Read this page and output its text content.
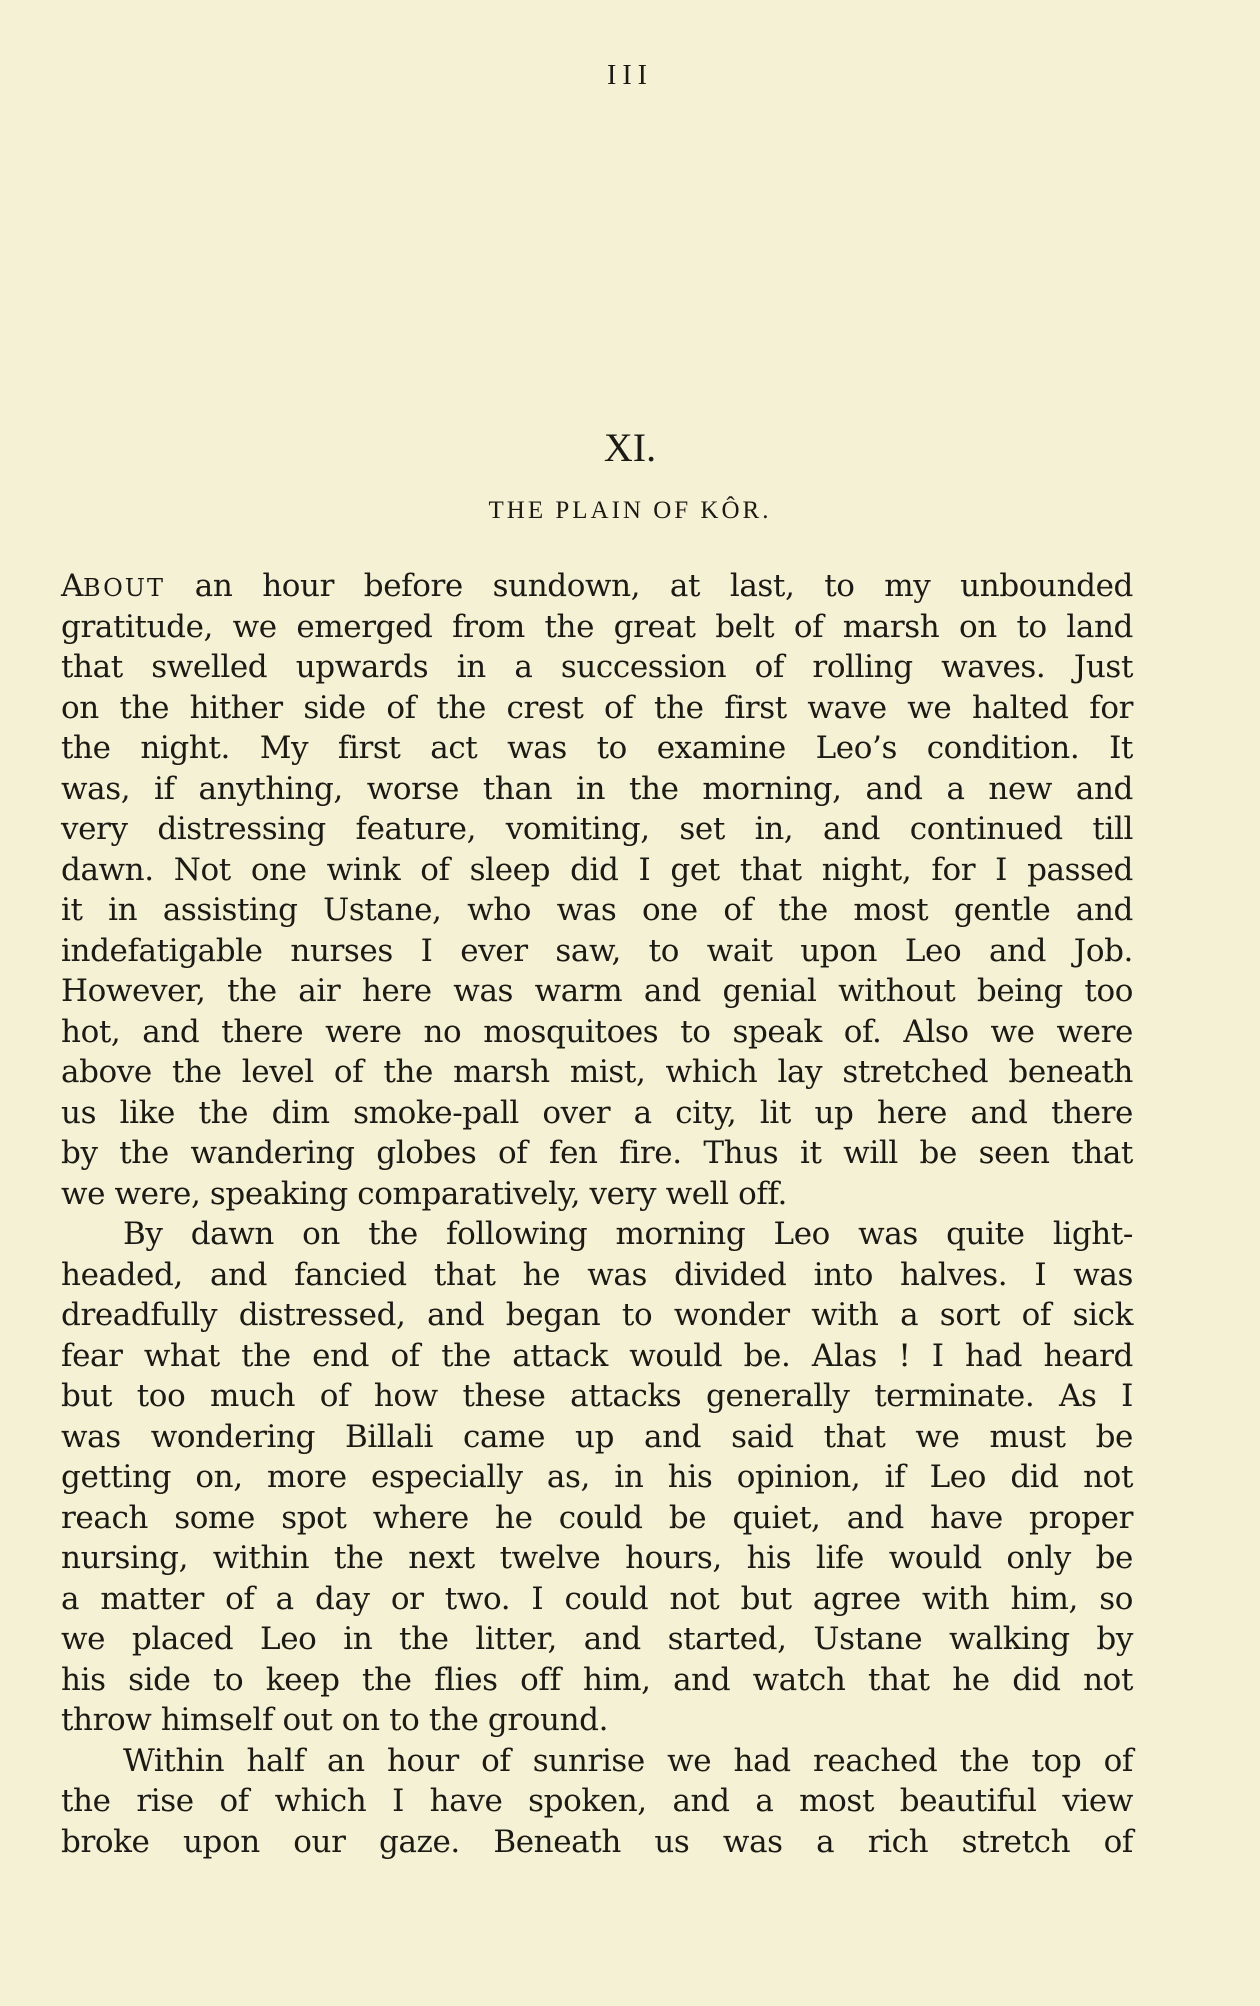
III
XI.
THE PLAIN OF KÔR.
ABOUT an hour before sundown, at last, to my unbounded
gratitude, we emerged from the great belt of marsh on to land
that swelled upwards in a succession of rolling waves. Just
on the hither side of the crest of the first wave we halted for
the night. My first act was to examine Leo’s condition. It
was, if anything, worse than in the morning, and a new and
very distressing feature, vomiting, set in, and continued till
dawn. Not one wink of sleep did I get that night, for I passed
it in assisting Ustane, who was one of the most gentle and
indefatigable nurses I ever saw, to wait upon Leo and Job.
However, the air here was warm and genial without being too
hot, and there were no mosquitoes to speak of. Also we were
above the level of the marsh mist, which lay stretched beneath
us like the dim smoke-pall over a city, lit up here and there
by the wandering globes of fen fire. Thus it will be seen that
we were, speaking comparatively, very well off.
By dawn on the following morning Leo was quite light-
headed, and fancied that he was divided into halves. I was
dreadfully distressed, and began to wonder with a sort of sick
fear what the end of the attack would be. Alas ! I had heard
but too much of how these attacks generally terminate. As I
was wondering Billali came up and said that we must be
getting on, more especially as, in his opinion, if Leo did not
reach some spot where he could be quiet, and have proper
nursing, within the next twelve hours, his life would only be
a matter of a day or two. I could not but agree with him, so
we placed Leo in the litter, and started, Ustane walking by
his side to keep the flies off him, and watch that he did not
throw himself out on to the ground.
Within half an hour of sunrise we had reached the top of
the rise of which I have spoken, and a most beautiful view
broke upon our gaze. Beneath us was a rich stretch of
